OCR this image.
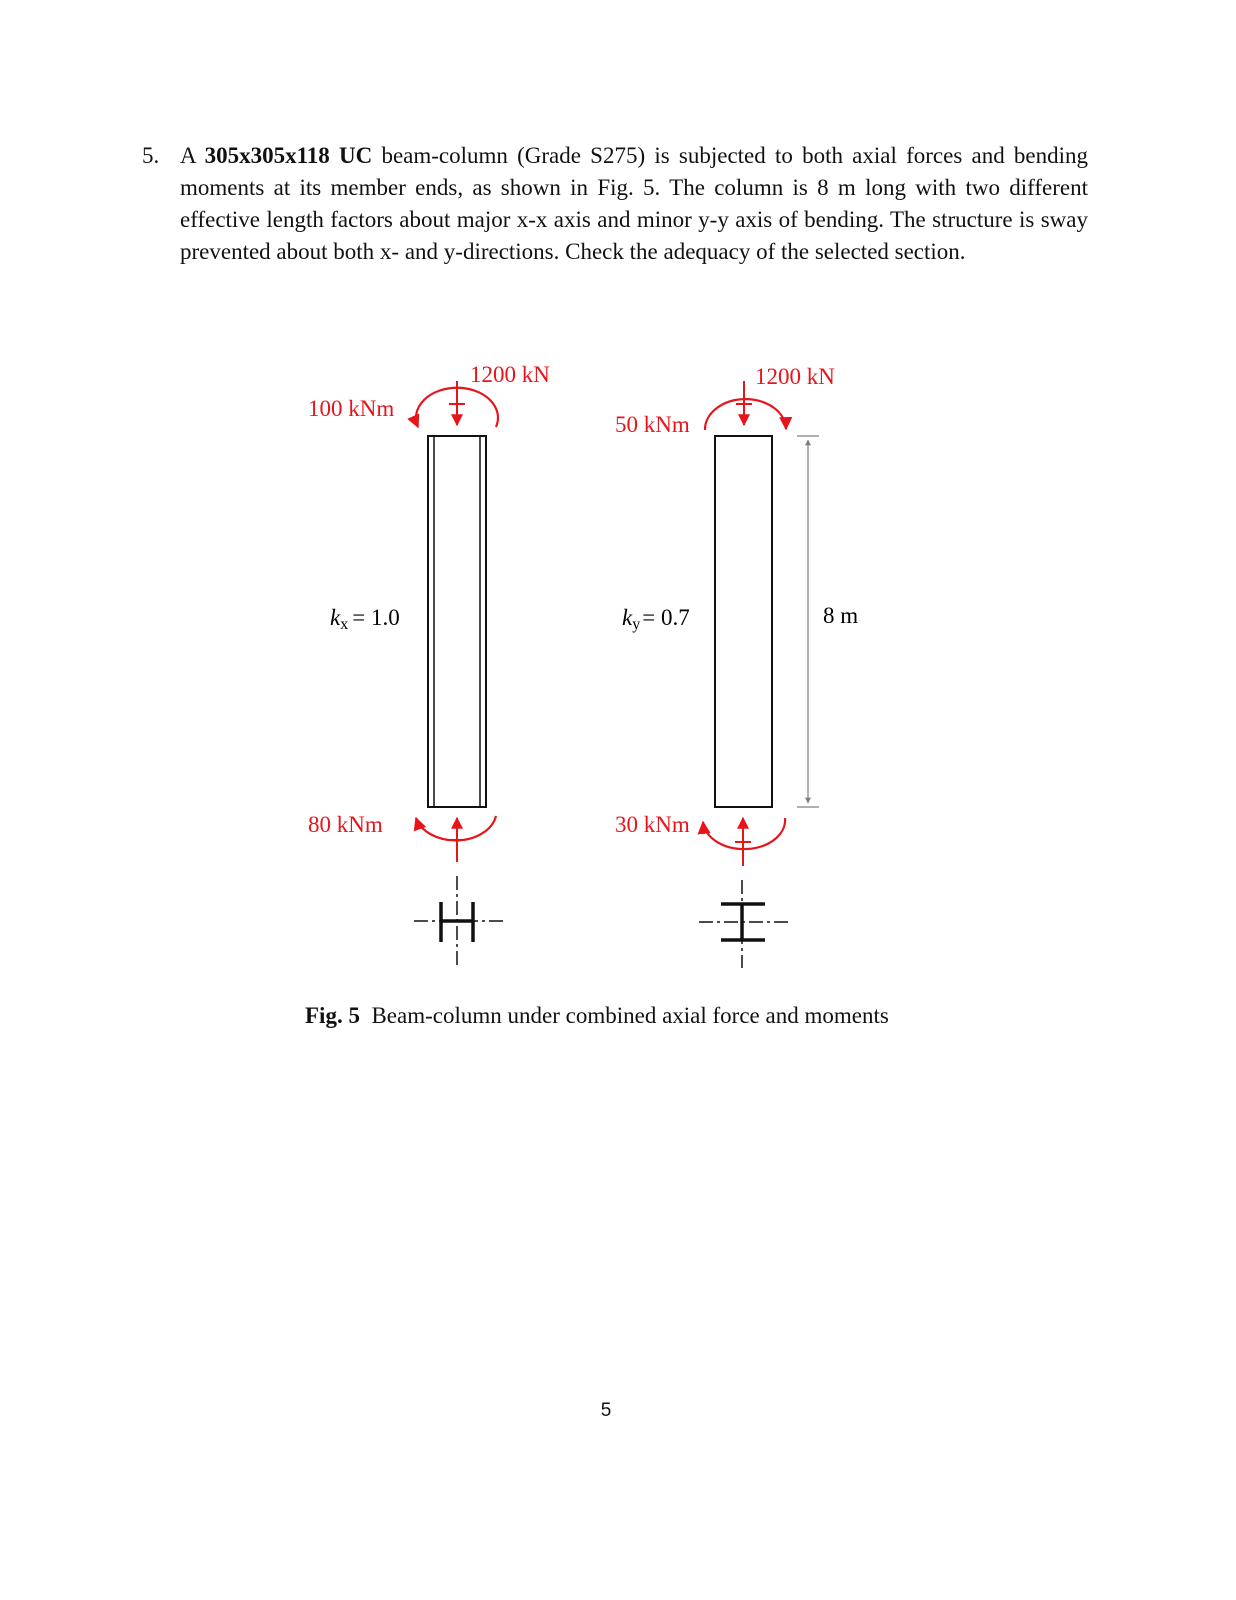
5. A 305x305x118 UC beam-column (Grade S275) is subjected to both axial forces and bending moments at its member ends, as shown in Fig. 5. The column is 8 m long with two different effective length factors about major x-x axis and minor y-y axis of bending. The structure is sway prevented about both x- and y-directions. Check the adequacy of the selected section.
1200 kN
100 kNm
80 kNm
kx = 1.0
1200 kN
50 kNm
30 kNm
ky= 0.7	8 m
Fig. 5 Beam-column under combined axial force and moments
5
